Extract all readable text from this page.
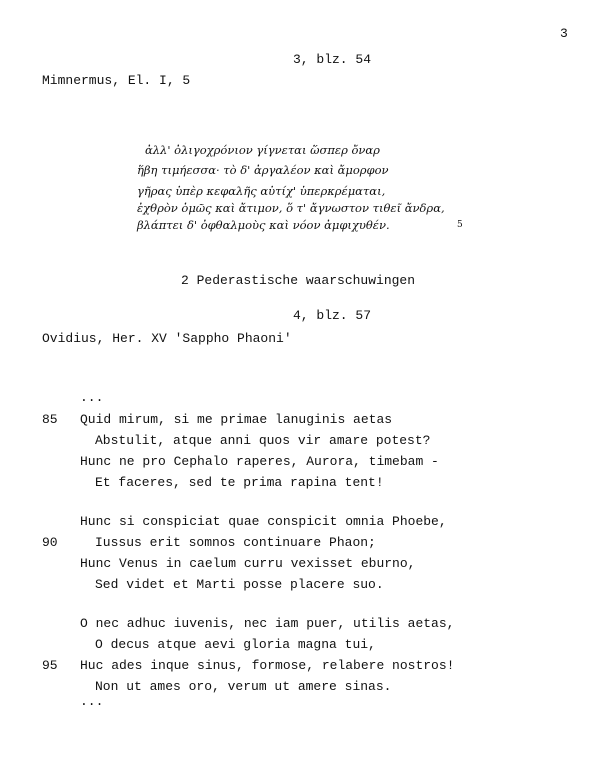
3
3, blz. 54
Mimnermus, El. I, 5
ἀλλ' ὀλιγοχρόνιον γίγνεται ὥσπερ ὄναρ
ἥβη τιμήεσσα· τὸ δ' ἀργαλέον καὶ ἄμορφον
γῆρας ὑπὲρ κεφαλῆς αὐτίχ' ὑπερκρέμαται,
ἐχθρὸν ὁμῶς καὶ ἄτιμον, ὅ τ' ἄγνωστον τιθεῖ ἄνδρα,
βλάπτει δ' ὀφθαλμοὺς καὶ νόον ἀμφιχυθέν.	5
2 Pederastische waarschuwingen
4, blz. 57
Ovidius, Her. XV 'Sappho Phaoni'
...
85 Quid mirum, si me primae lanuginis aetas
Abstulit, atque anni quos vir amare potest?
Hunc ne pro Cephalo raperes, Aurora, timebam -
Et faceres, sed te prima rapina tent!
Hunc si conspiciat quae conspicit omnia Phoebe,
90	Iussus erit somnos continuare Phaon;
Hunc Venus in caelum curru vexisset eburno,
Sed videt et Marti posse placere suo.
O nec adhuc iuvenis, nec iam puer, utilis aetas,
O decus atque aevi gloria magna tui,
95 Huc ades inque sinus, formose, relabere nostros!
Non ut ames oro, verum ut amere sinas.
...
